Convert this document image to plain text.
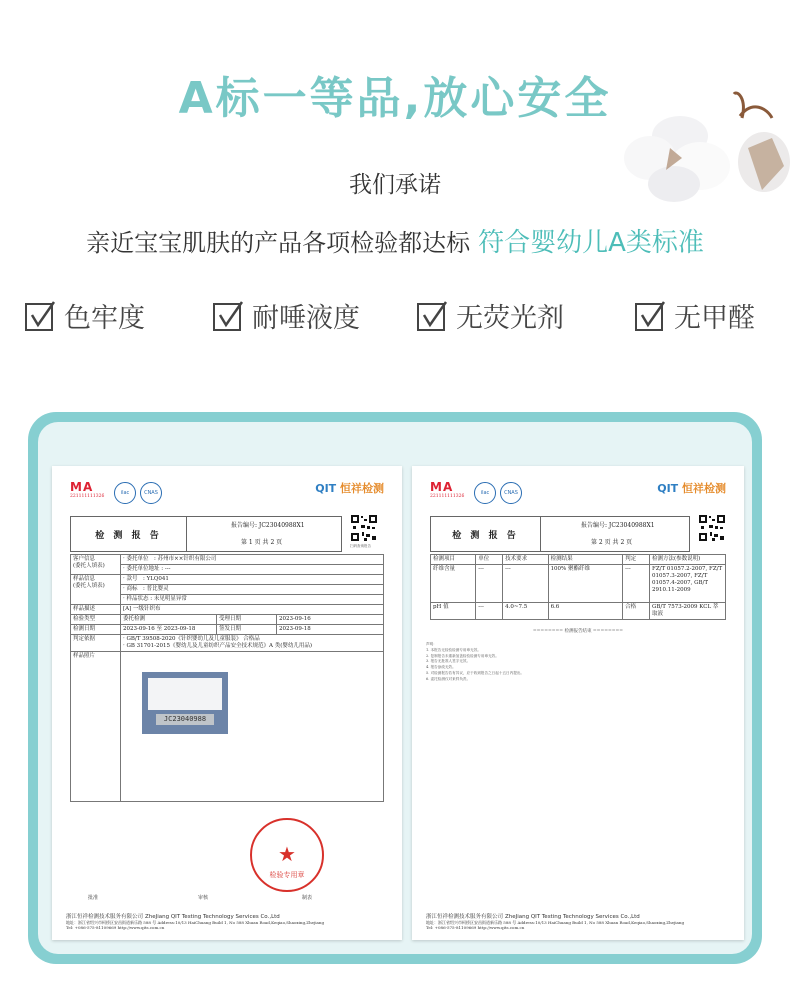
A标一等品,放心安全
我们承诺
亲近宝宝肌肤的产品各项检验都达标 符合婴幼儿A类标准
色牢度	耐唾液度	无荧光剂	无甲醛
MA
221111111326
ilac	CNAS	QIT 恒祥检测
检 测 报 告
报告编号: JC23040988X1
第 1 页 共 2 页	扫码查询报告
客户信息
(委托人填表)	· 委托单位　: 苏州市××针织有限公司		
	· 委托单位地址 : ---		
样品信息
(委托人填表)	· 款号　: YLQ041		
	· 商标　: 普比婴灵		
	· 样品状态 : 未见明显异常		
样品描述	[A] 一级针织布		
检验类型	委托检测	受理日期	2023-09-16
检测日期	2023-09-16 至 2023-09-18	签发日期	2023-09-18
判定依据	· GB/T 39508-2020《针织婴幼儿及儿童服装》 合格品
· GB 31701-2015《婴幼儿及儿童纺织产品安全技术规范》A 类(婴幼儿用品)		
样品照片			
JC23040988
★
检验专用章
批准	审核	制表
浙江恒祥检测技术服务有限公司 ZheJiang QIT Testing Technology Services Co.,Ltd
地址：浙江省绍兴市柯桥区安昌街道新乐路 588 号 Address:10/13 HaiChuang Build 1, No 588 Xhuan Road,Keqiao,Shaoxing,Zhejiang
Tel: +086-575-81109669 http://www.qits.com.cn
MA
221111111326
ilac	CNAS	QIT 恒祥检测
检 测 报 告
报告编号: JC23040988X1
第 2 页 共 2 页
检测项目	单位	技术要求	检测结果	判定	检测方法(参数说明)
纤维含量	---	---	100% 聚酯纤维	---	FZ/T 01057.2-2007, FZ/T 01057.3-2007, FZ/T 01057.4-2007, GB/T 2910.11-2009
pH 值	---	4.0~7.5	6.6	合格	GB/T 7573-2009 KCL 萃取液
======== 检测报告结束 ========
声明：
1. 本报告无检验检测专用章无效。
2. 复制报告未重新加盖检验检测专用章无效。
3. 报告无批准人签字无效。
4. 报告涂改无效。
5. 对检测报告若有异议，应于收到报告之日起十五日内提出。
6. 委托检测仅对来样负责。
浙江恒祥检测技术服务有限公司 ZheJiang QIT Testing Technology Services Co.,Ltd
地址：浙江省绍兴市柯桥区安昌街道新乐路 588 号 Address:10/13 HaiChuang Build 1, No 588 Xhuan Road,Keqiao,Shaoxing,Zhejiang
Tel: +086-575-81109669 http://www.qits.com.cn
